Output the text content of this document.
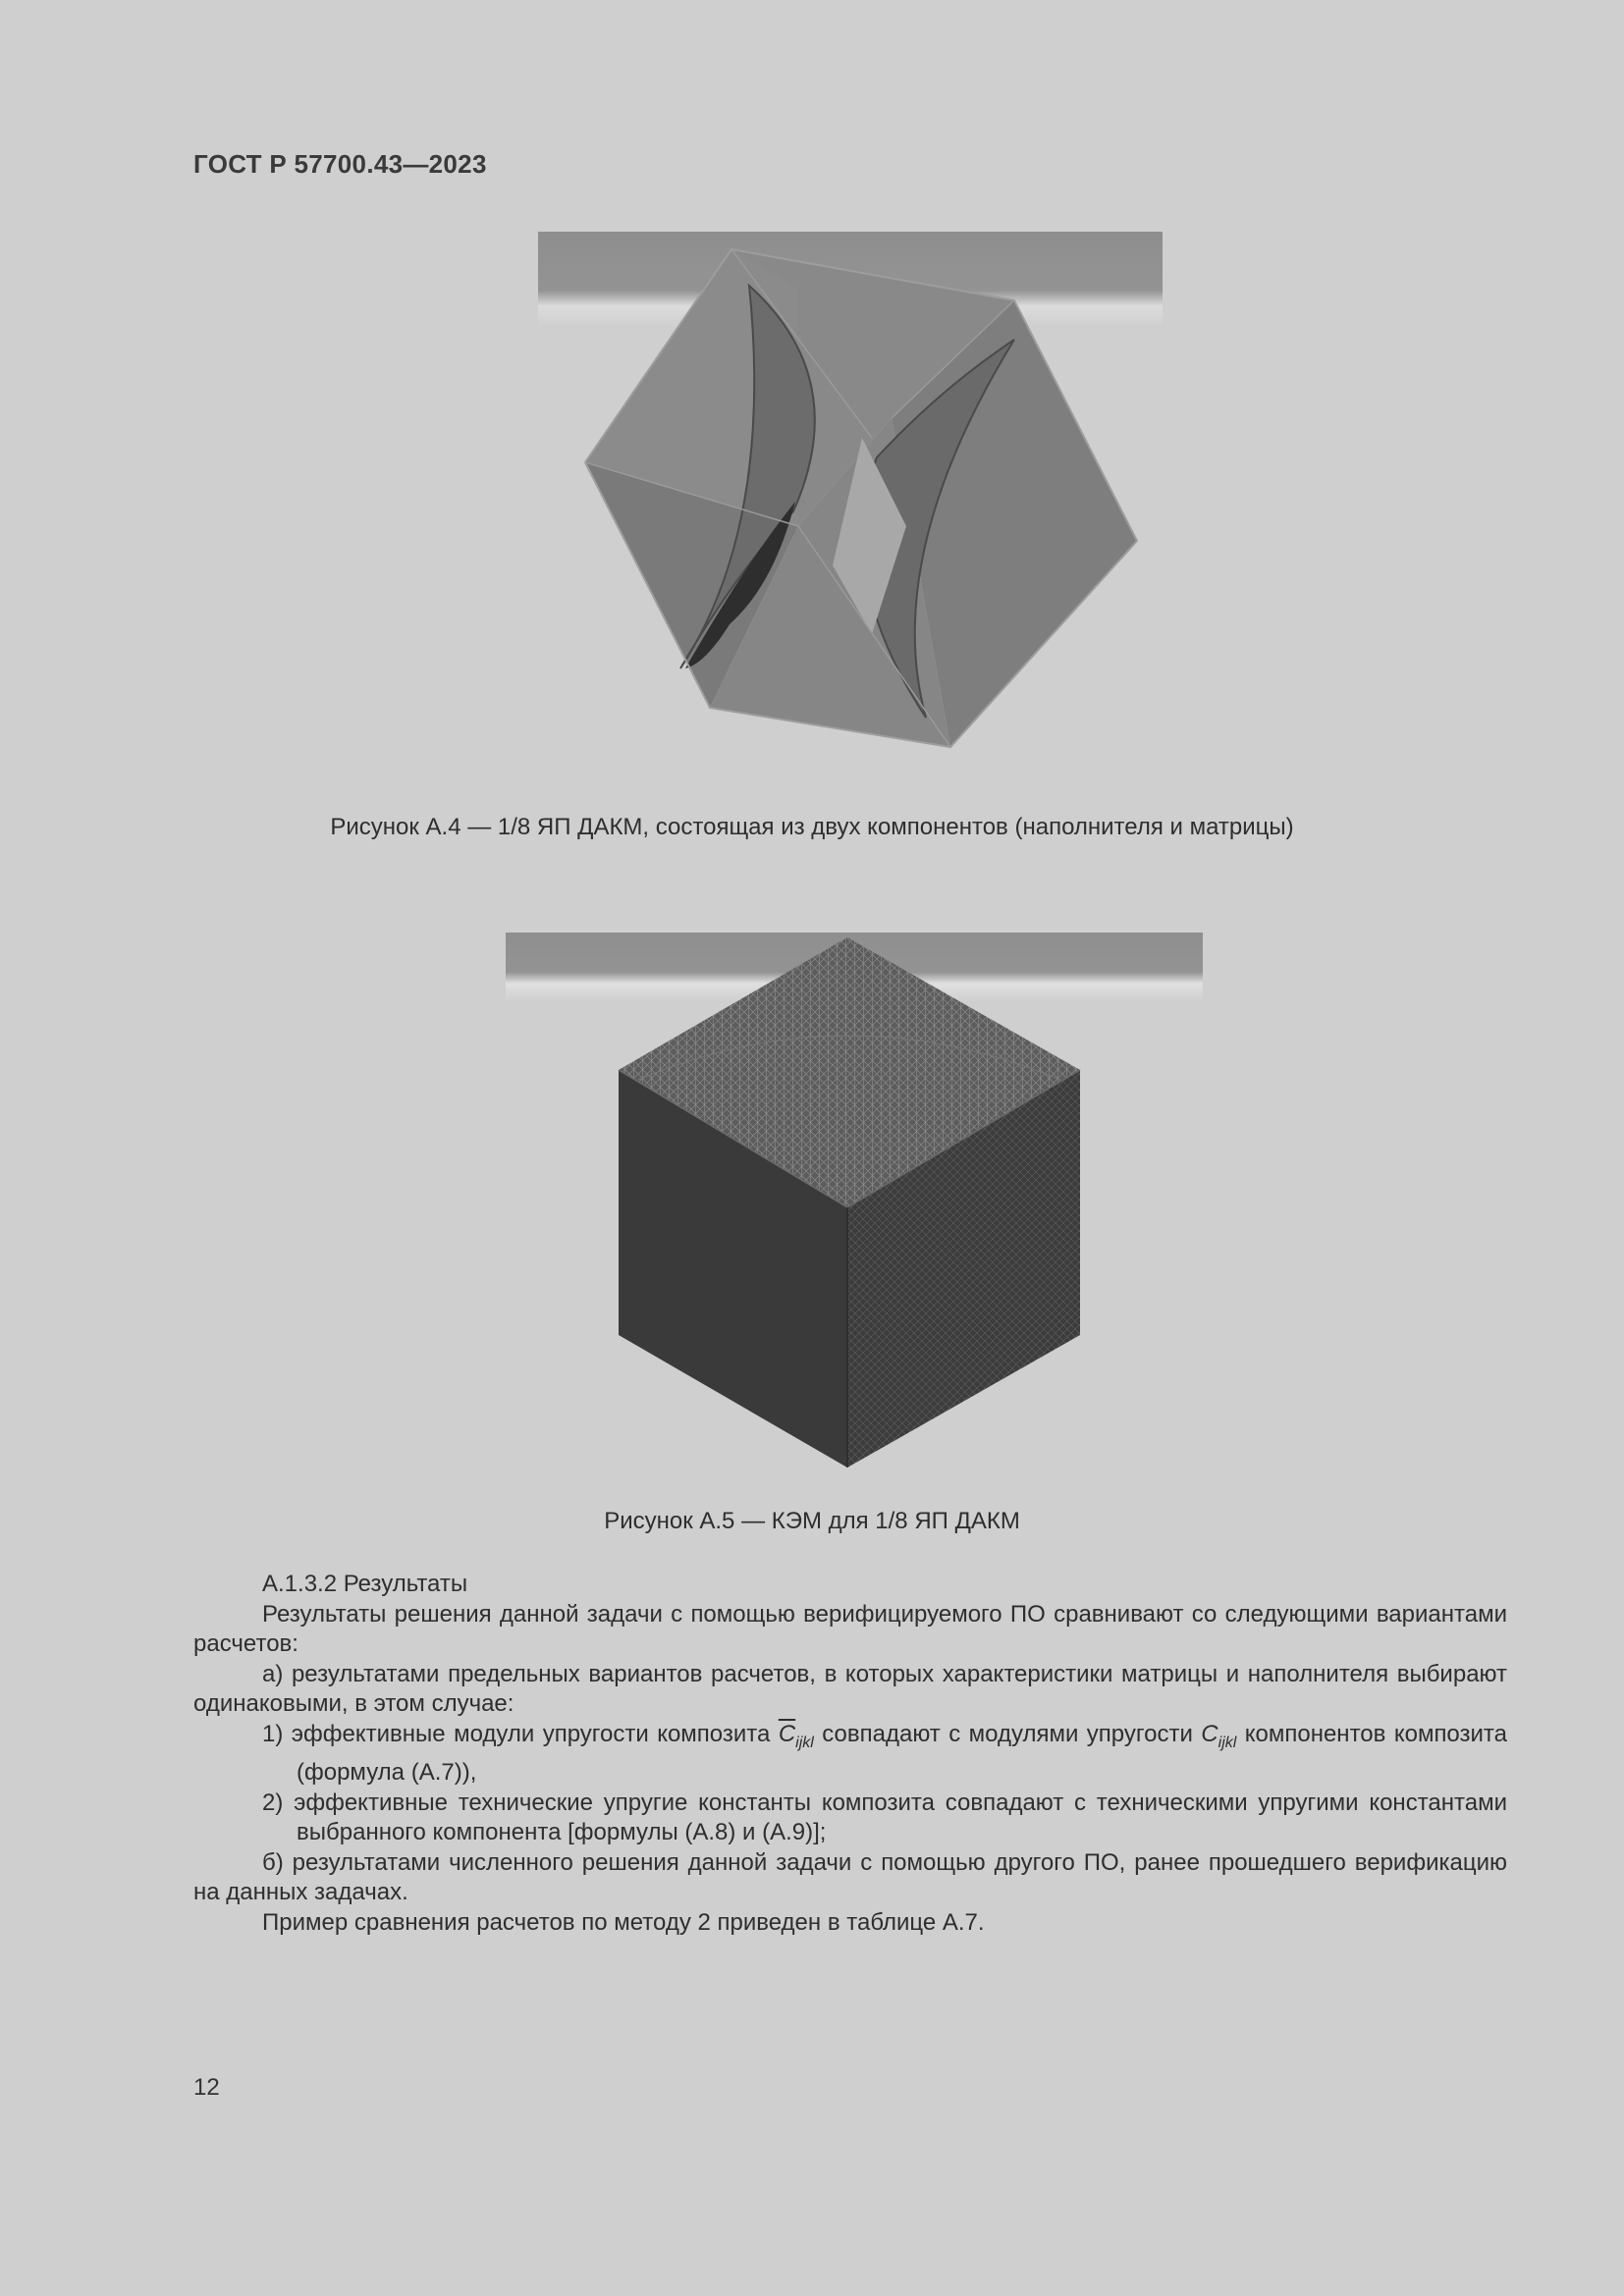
ГОСТ Р 57700.43—2023
Рисунок А.4 — 1/8 ЯП ДАКМ, состоящая из двух компонентов (наполнителя и матрицы)
Рисунок А.5 — КЭМ для 1/8 ЯП ДАКМ
А.1.3.2 Результаты
Результаты решения данной задачи с помощью верифицируемого ПО сравнивают со следующими вариантами расчетов:
а) результатами предельных вариантов расчетов, в которых характеристики матрицы и наполнителя выбирают одинаковыми, в этом случае:
1) эффективные модули упругости композита $\overline{C}_{ijkl}$ совпадают с модулями упругости $C_{ijkl}$ компонентов композита (формула (А.7)),
2) эффективные технические упругие константы композита совпадают с техническими упругими константами выбранного компонента [формулы (А.8) и (А.9)];
б) результатами численного решения данной задачи с помощью другого ПО, ранее прошедшего верификацию на данных задачах.
Пример сравнения расчетов по методу 2 приведен в таблице А.7.
12
